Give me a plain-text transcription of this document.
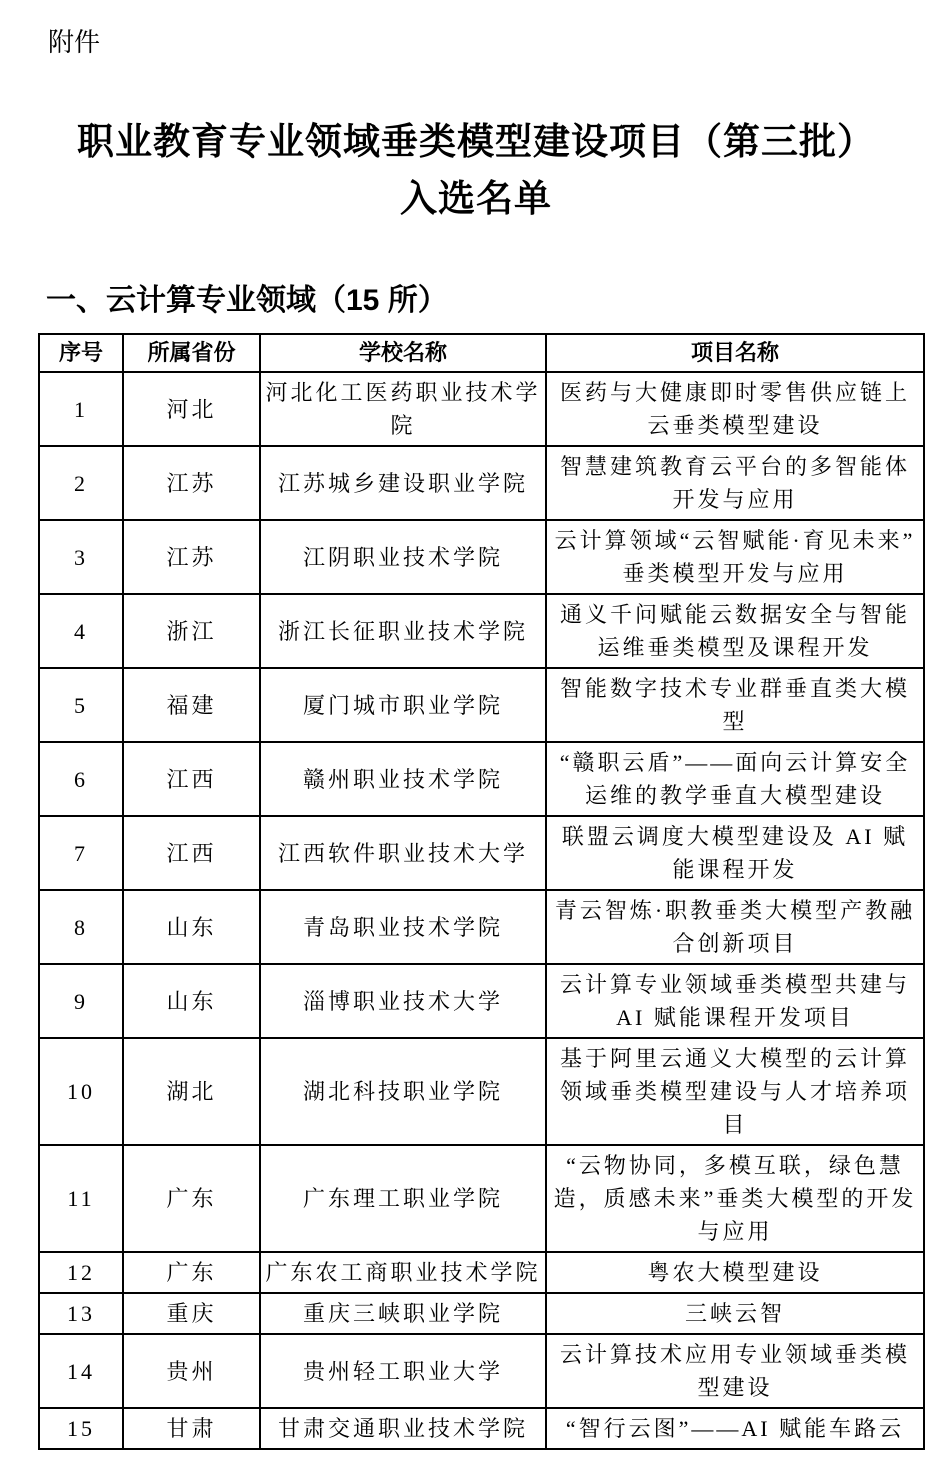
附件
职业教育专业领域垂类模型建设项目（第三批）
入选名单
一、云计算专业领域（15 所）
序号	所属省份	学校名称	项目名称
1	河北	河北化工医药职业技术学院	医药与大健康即时零售供应链上云垂类模型建设
2	江苏	江苏城乡建设职业学院	智慧建筑教育云平台的多智能体开发与应用
3	江苏	江阴职业技术学院	云计算领域“云智赋能·育见未来”垂类模型开发与应用
4	浙江	浙江长征职业技术学院	通义千问赋能云数据安全与智能运维垂类模型及课程开发
5	福建	厦门城市职业学院	智能数字技术专业群垂直类大模型
6	江西	赣州职业技术学院	“赣职云盾”——面向云计算安全运维的教学垂直大模型建设
7	江西	江西软件职业技术大学	联盟云调度大模型建设及 AI 赋能课程开发
8	山东	青岛职业技术学院	青云智炼·职教垂类大模型产教融合创新项目
9	山东	淄博职业技术大学	云计算专业领域垂类模型共建与 AI 赋能课程开发项目
10	湖北	湖北科技职业学院	基于阿里云通义大模型的云计算领域垂类模型建设与人才培养项目
11	广东	广东理工职业学院	“云物协同，多模互联，绿色慧造，质感未来”垂类大模型的开发与应用
12	广东	广东农工商职业技术学院	粤农大模型建设
13	重庆	重庆三峡职业学院	三峡云智
14	贵州	贵州轻工职业大学	云计算技术应用专业领域垂类模型建设
15	甘肃	甘肃交通职业技术学院	“智行云图”——AI 赋能车路云
